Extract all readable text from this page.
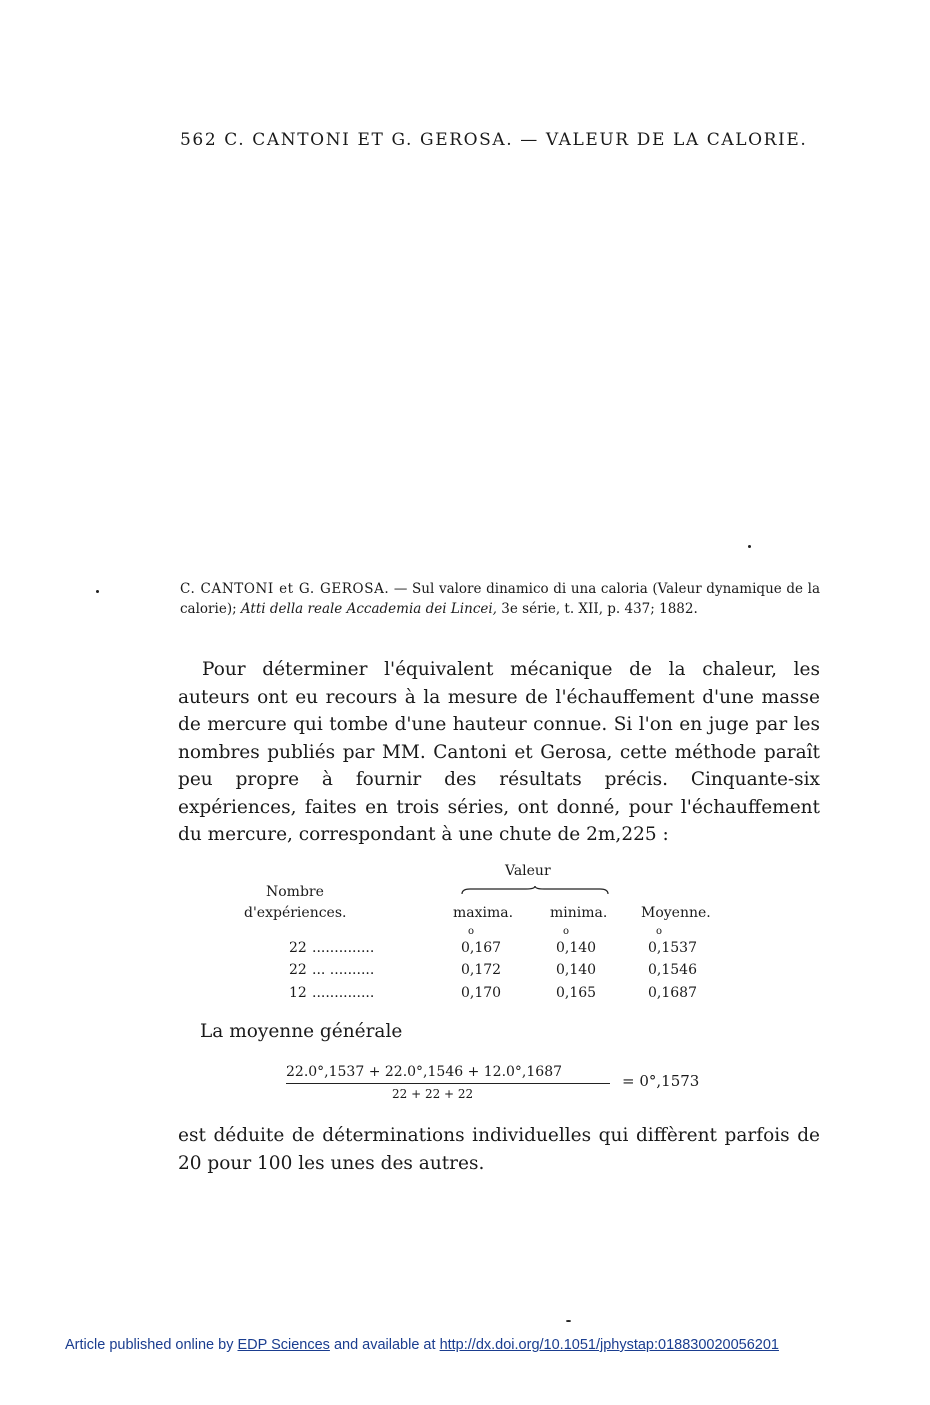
562 C. CANTONI ET G. GEROSA. — VALEUR DE LA CALORIE.
C. CANTONI et G. GEROSA. — Sul valore dinamico di una caloria (Valeur dynamique de la calorie); Atti della reale Accademia dei Lincei, 3e série, t. XII, p. 437; 1882.
Pour déterminer l'équivalent mécanique de la chaleur, les auteurs ont eu recours à la mesure de l'échauffement d'une masse de mercure qui tombe d'une hauteur connue. Si l'on en juge par les nombres publiés par MM. Cantoni et Gerosa, cette méthode paraît peu propre à fournir des résultats précis. Cinquante-six expériences, faites en trois séries, ont donné, pour l'échauffement du mercure, correspondant à une chute de 2m,225 :
Valeur
Nombre
d'expériences.	maxima.	minima. Moyenne.
o	o	o
22 ..............	0,167	0,140	0,1537
22 ... ..........	0,172	0,140	0,1546
12 ..............	0,170	0,165	0,1687
La moyenne générale
22.0°,1537 + 22.0°,1546 + 12.0°,1687
22 + 22 + 22
= 0°,1573
est déduite de déterminations individuelles qui diffèrent parfois de 20 pour 100 les unes des autres.
Article published online by EDP Sciences and available at http://dx.doi.org/10.1051/jphystap:018830020056201
